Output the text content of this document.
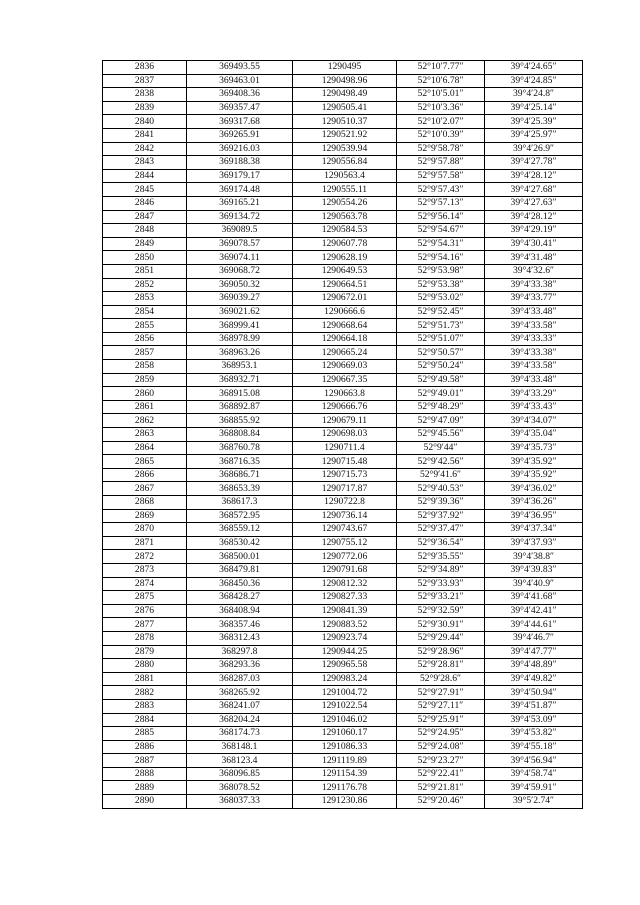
2836	369493.55	1290495	52°10′7.77″	39°4′24.65″
2837	369463.01	1290498.96	52°10′6.78″	39°4′24.85″
2838	369408.36	1290498.49	52°10′5.01″	39°4′24.8″
2839	369357.47	1290505.41	52°10′3.36″	39°4′25.14″
2840	369317.68	1290510.37	52°10′2.07″	39°4′25.39″
2841	369265.91	1290521.92	52°10′0.39″	39°4′25.97″
2842	369216.03	1290539.94	52°9′58.78″	39°4′26.9″
2843	369188.38	1290556.84	52°9′57.88″	39°4′27.78″
2844	369179.17	1290563.4	52°9′57.58″	39°4′28.12″
2845	369174.48	1290555.11	52°9′57.43″	39°4′27.68″
2846	369165.21	1290554.26	52°9′57.13″	39°4′27.63″
2847	369134.72	1290563.78	52°9′56.14″	39°4′28.12″
2848	369089.5	1290584.53	52°9′54.67″	39°4′29.19″
2849	369078.57	1290607.78	52°9′54.31″	39°4′30.41″
2850	369074.11	1290628.19	52°9′54.16″	39°4′31.48″
2851	369068.72	1290649.53	52°9′53.98″	39°4′32.6″
2852	369050.32	1290664.51	52°9′53.38″	39°4′33.38″
2853	369039.27	1290672.01	52°9′53.02″	39°4′33.77″
2854	369021.62	1290666.6	52°9′52.45″	39°4′33.48″
2855	368999.41	1290668.64	52°9′51.73″	39°4′33.58″
2856	368978.99	1290664.18	52°9′51.07″	39°4′33.33″
2857	368963.26	1290665.24	52°9′50.57″	39°4′33.38″
2858	368953.1	1290669.03	52°9′50.24″	39°4′33.58″
2859	368932.71	1290667.35	52°9′49.58″	39°4′33.48″
2860	368915.08	1290663.8	52°9′49.01″	39°4′33.29″
2861	368892.87	1290666.76	52°9′48.29″	39°4′33.43″
2862	368855.92	1290679.11	52°9′47.09″	39°4′34.07″
2863	368808.84	1290698.03	52°9′45.56″	39°4′35.04″
2864	368760.78	1290711.4	52°9′44″	39°4′35.73″
2865	368716.35	1290715.48	52°9′42.56″	39°4′35.92″
2866	368686.71	1290715.73	52°9′41.6″	39°4′35.92″
2867	368653.39	1290717.87	52°9′40.53″	39°4′36.02″
2868	368617.3	1290722.8	52°9′39.36″	39°4′36.26″
2869	368572.95	1290736.14	52°9′37.92″	39°4′36.95″
2870	368559.12	1290743.67	52°9′37.47″	39°4′37.34″
2871	368530.42	1290755.12	52°9′36.54″	39°4′37.93″
2872	368500.01	1290772.06	52°9′35.55″	39°4′38.8″
2873	368479.81	1290791.68	52°9′34.89″	39°4′39.83″
2874	368450.36	1290812.32	52°9′33.93″	39°4′40.9″
2875	368428.27	1290827.33	52°9′33.21″	39°4′41.68″
2876	368408.94	1290841.39	52°9′32.59″	39°4′42.41″
2877	368357.46	1290883.52	52°9′30.91″	39°4′44.61″
2878	368312.43	1290923.74	52°9′29.44″	39°4′46.7″
2879	368297.8	1290944.25	52°9′28.96″	39°4′47.77″
2880	368293.36	1290965.58	52°9′28.81″	39°4′48.89″
2881	368287.03	1290983.24	52°9′28.6″	39°4′49.82″
2882	368265.92	1291004.72	52°9′27.91″	39°4′50.94″
2883	368241.07	1291022.54	52°9′27.11″	39°4′51.87″
2884	368204.24	1291046.02	52°9′25.91″	39°4′53.09″
2885	368174.73	1291060.17	52°9′24.95″	39°4′53.82″
2886	368148.1	1291086.33	52°9′24.08″	39°4′55.18″
2887	368123.4	1291119.89	52°9′23.27″	39°4′56.94″
2888	368096.85	1291154.39	52°9′22.41″	39°4′58.74″
2889	368078.52	1291176.78	52°9′21.81″	39°4′59.91″
2890	368037.33	1291230.86	52°9′20.46″	39°5′2.74″
